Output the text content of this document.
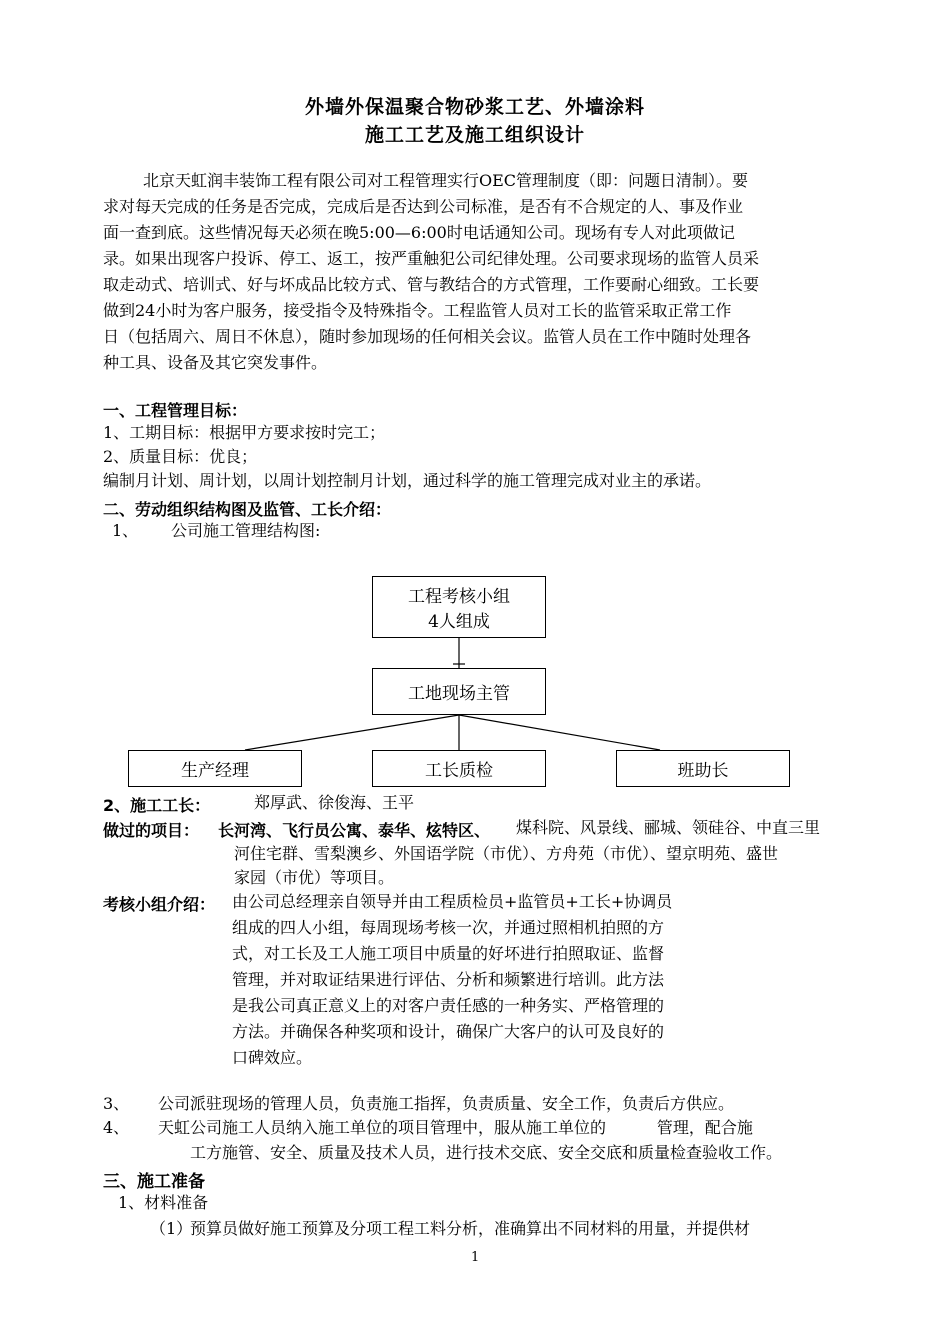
外墙外保温聚合物砂浆工艺、外墙涂料
施工工艺及施工组织设计
北京天虹润丰装饰工程有限公司对工程管理实行OEC管理制度（即：问题日清制）。要
求对每天完成的任务是否完成，完成后是否达到公司标准，是否有不合规定的人、事及作业
面一查到底。这些情况每天必须在晚5:00—6:00时电话通知公司。现场有专人对此项做记
录。如果出现客户投诉、停工、返工，按严重触犯公司纪律处理。公司要求现场的监管人员采
取走动式、培训式、好与坏成品比较方式、管与教结合的方式管理，工作要耐心细致。工长要
做到24小时为客户服务，接受指令及特殊指令。工程监管人员对工长的监管采取正常工作
日（包括周六、周日不休息），随时参加现场的任何相关会议。监管人员在工作中随时处理各
种工具、设备及其它突发事件。
一、工程管理目标：
1、工期目标：根据甲方要求按时完工；
2、质量目标：优良；
编制月计划、周计划，以周计划控制月计划，通过科学的施工管理完成对业主的承诺。
二、劳动组织结构图及监管、工长介绍：
1、 公司施工管理结构图:
工程考核小组
4人组成
工地现场主管
生产经理	工长质检	班助长
2、施工工长：	郑厚武、徐俊海、王平
做过的项目： 长河湾、飞行员公寓、泰华、炫特区、 煤科院、风景线、郦城、领硅谷、中直三里
河住宅群、雪梨澳乡、外国语学院（市优）、方舟苑（市优）、望京明苑、盛世
家园（市优）等项目。
考核小组介绍： 由公司总经理亲自领导并由工程质检员+监管员+工长+协调员
组成的四人小组，每周现场考核一次，并通过照相机拍照的方
式，对工长及工人施工项目中质量的好坏进行拍照取证、监督
管理，并对取证结果进行评估、分析和频繁进行培训。此方法
是我公司真正意义上的对客户责任感的一种务实、严格管理的
方法。并确保各种奖项和设计，确保广大客户的认可及良好的
口碑效应。
3、 公司派驻现场的管理人员，负责施工指挥，负责质量、安全工作，负责后方供应。
4、 天虹公司施工人员纳入施工单位的项目管理中，服从施工单位的          管理，配合施
工方施管、安全、质量及技术人员，进行技术交底、安全交底和质量检查验收工作。
三、施工准备
1、材料准备
（1）
预算员做好施工预算及分项工程工料分析，准确算出不同材料的用量，并提供材
1
